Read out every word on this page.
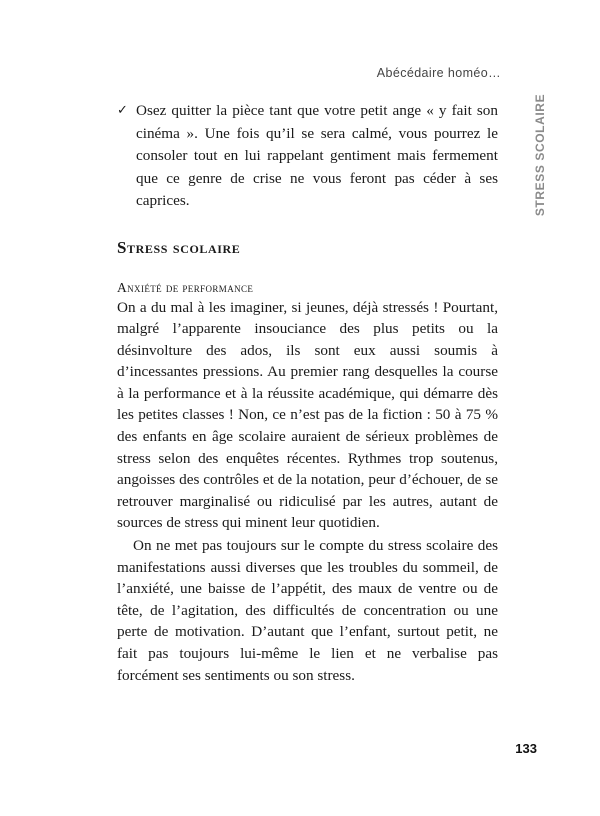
Abécédaire homéo…
STRESS SCOLAIRE
✓ Osez quitter la pièce tant que votre petit ange « y fait son cinéma ». Une fois qu’il se sera calmé, vous pourrez le consoler tout en lui rappelant gentiment mais fermement que ce genre de crise ne vous feront pas céder à ses caprices.
Stress scolaire
Anxiété de performance

On a du mal à les imaginer, si jeunes, déjà stressés ! Pourtant, malgré l’apparente insouciance des plus petits ou la désinvolture des ados, ils sont eux aussi soumis à d’incessantes pressions. Au premier rang desquelles la course à la performance et à la réussite académique, qui démarre dès les petites classes ! Non, ce n’est pas de la fiction : 50 à 75 % des enfants en âge scolaire auraient de sérieux problèmes de stress selon des enquêtes récentes. Rythmes trop soutenus, angoisses des contrôles et de la notation, peur d’échouer, de se retrouver marginalisé ou ridiculisé par les autres, autant de sources de stress qui minent leur quotidien.

On ne met pas toujours sur le compte du stress scolaire des manifestations aussi diverses que les troubles du sommeil, de l’anxiété, une baisse de l’appétit, des maux de ventre ou de tête, de l’agitation, des difficultés de concentration ou une perte de motivation. D’autant que l’enfant, surtout petit, ne fait pas toujours lui-même le lien et ne verbalise pas forcément ses sentiments ou son stress.

133
